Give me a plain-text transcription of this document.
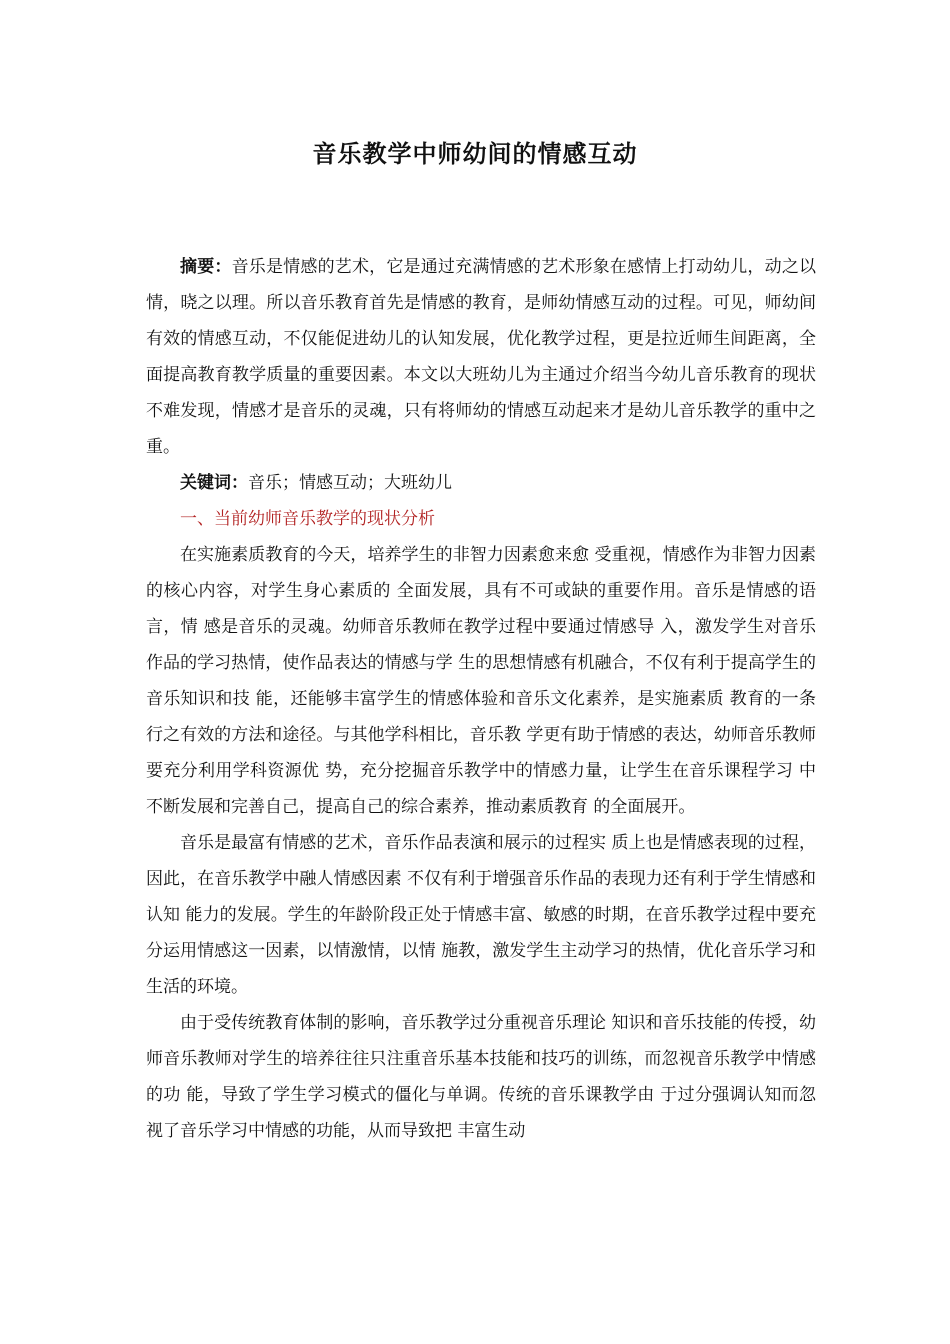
音乐教学中师幼间的情感互动

摘要：音乐是情感的艺术，它是通过充满情感的艺术形象在感情上打动幼儿，动之以情，晓之以理。所以音乐教育首先是情感的教育，是师幼情感互动的过程。可见，师幼间有效的情感互动，不仅能促进幼儿的认知发展，优化教学过程，更是拉近师生间距离，全面提高教育教学质量的重要因素。本文以大班幼儿为主通过介绍当今幼儿音乐教育的现状不难发现，情感才是音乐的灵魂，只有将师幼的情感互动起来才是幼儿音乐教学的重中之重。

关键词：音乐；情感互动；大班幼儿

一、当前幼师音乐教学的现状分析

在实施素质教育的今天，培养学生的非智力因素愈来愈 受重视，情感作为非智力因素的核心内容，对学生身心素质的 全面发展，具有不可或缺的重要作用。音乐是情感的语言，情 感是音乐的灵魂。幼师音乐教师在教学过程中要通过情感导 入，激发学生对音乐作品的学习热情，使作品表达的情感与学 生的思想情感有机融合，不仅有利于提高学生的音乐知识和技 能，还能够丰富学生的情感体验和音乐文化素养，是实施素质 教育的一条行之有效的方法和途径。与其他学科相比，音乐教 学更有助于情感的表达，幼师音乐教师要充分利用学科资源优 势，充分挖掘音乐教学中的情感力量，让学生在音乐课程学习 中不断发展和完善自己，提高自己的综合素养，推动素质教育 的全面展开。

音乐是最富有情感的艺术，音乐作品表演和展示的过程实 质上也是情感表现的过程，因此，在音乐教学中融人情感因素 不仅有利于增强音乐作品的表现力还有利于学生情感和认知 能力的发展。学生的年龄阶段正处于情感丰富、敏感的时期，在音乐教学过程中要充分运用情感这一因素，以情激情，以情 施教，激发学生主动学习的热情，优化音乐学习和生活的环境。

由于受传统教育体制的影响，音乐教学过分重视音乐理论 知识和音乐技能的传授，幼师音乐教师对学生的培养往往只注重音乐基本技能和技巧的训练，而忽视音乐教学中情感的功 能，导致了学生学习模式的僵化与单调。传统的音乐课教学由 于过分强调认知而忽视了音乐学习中情感的功能，从而导致把 丰富生动
